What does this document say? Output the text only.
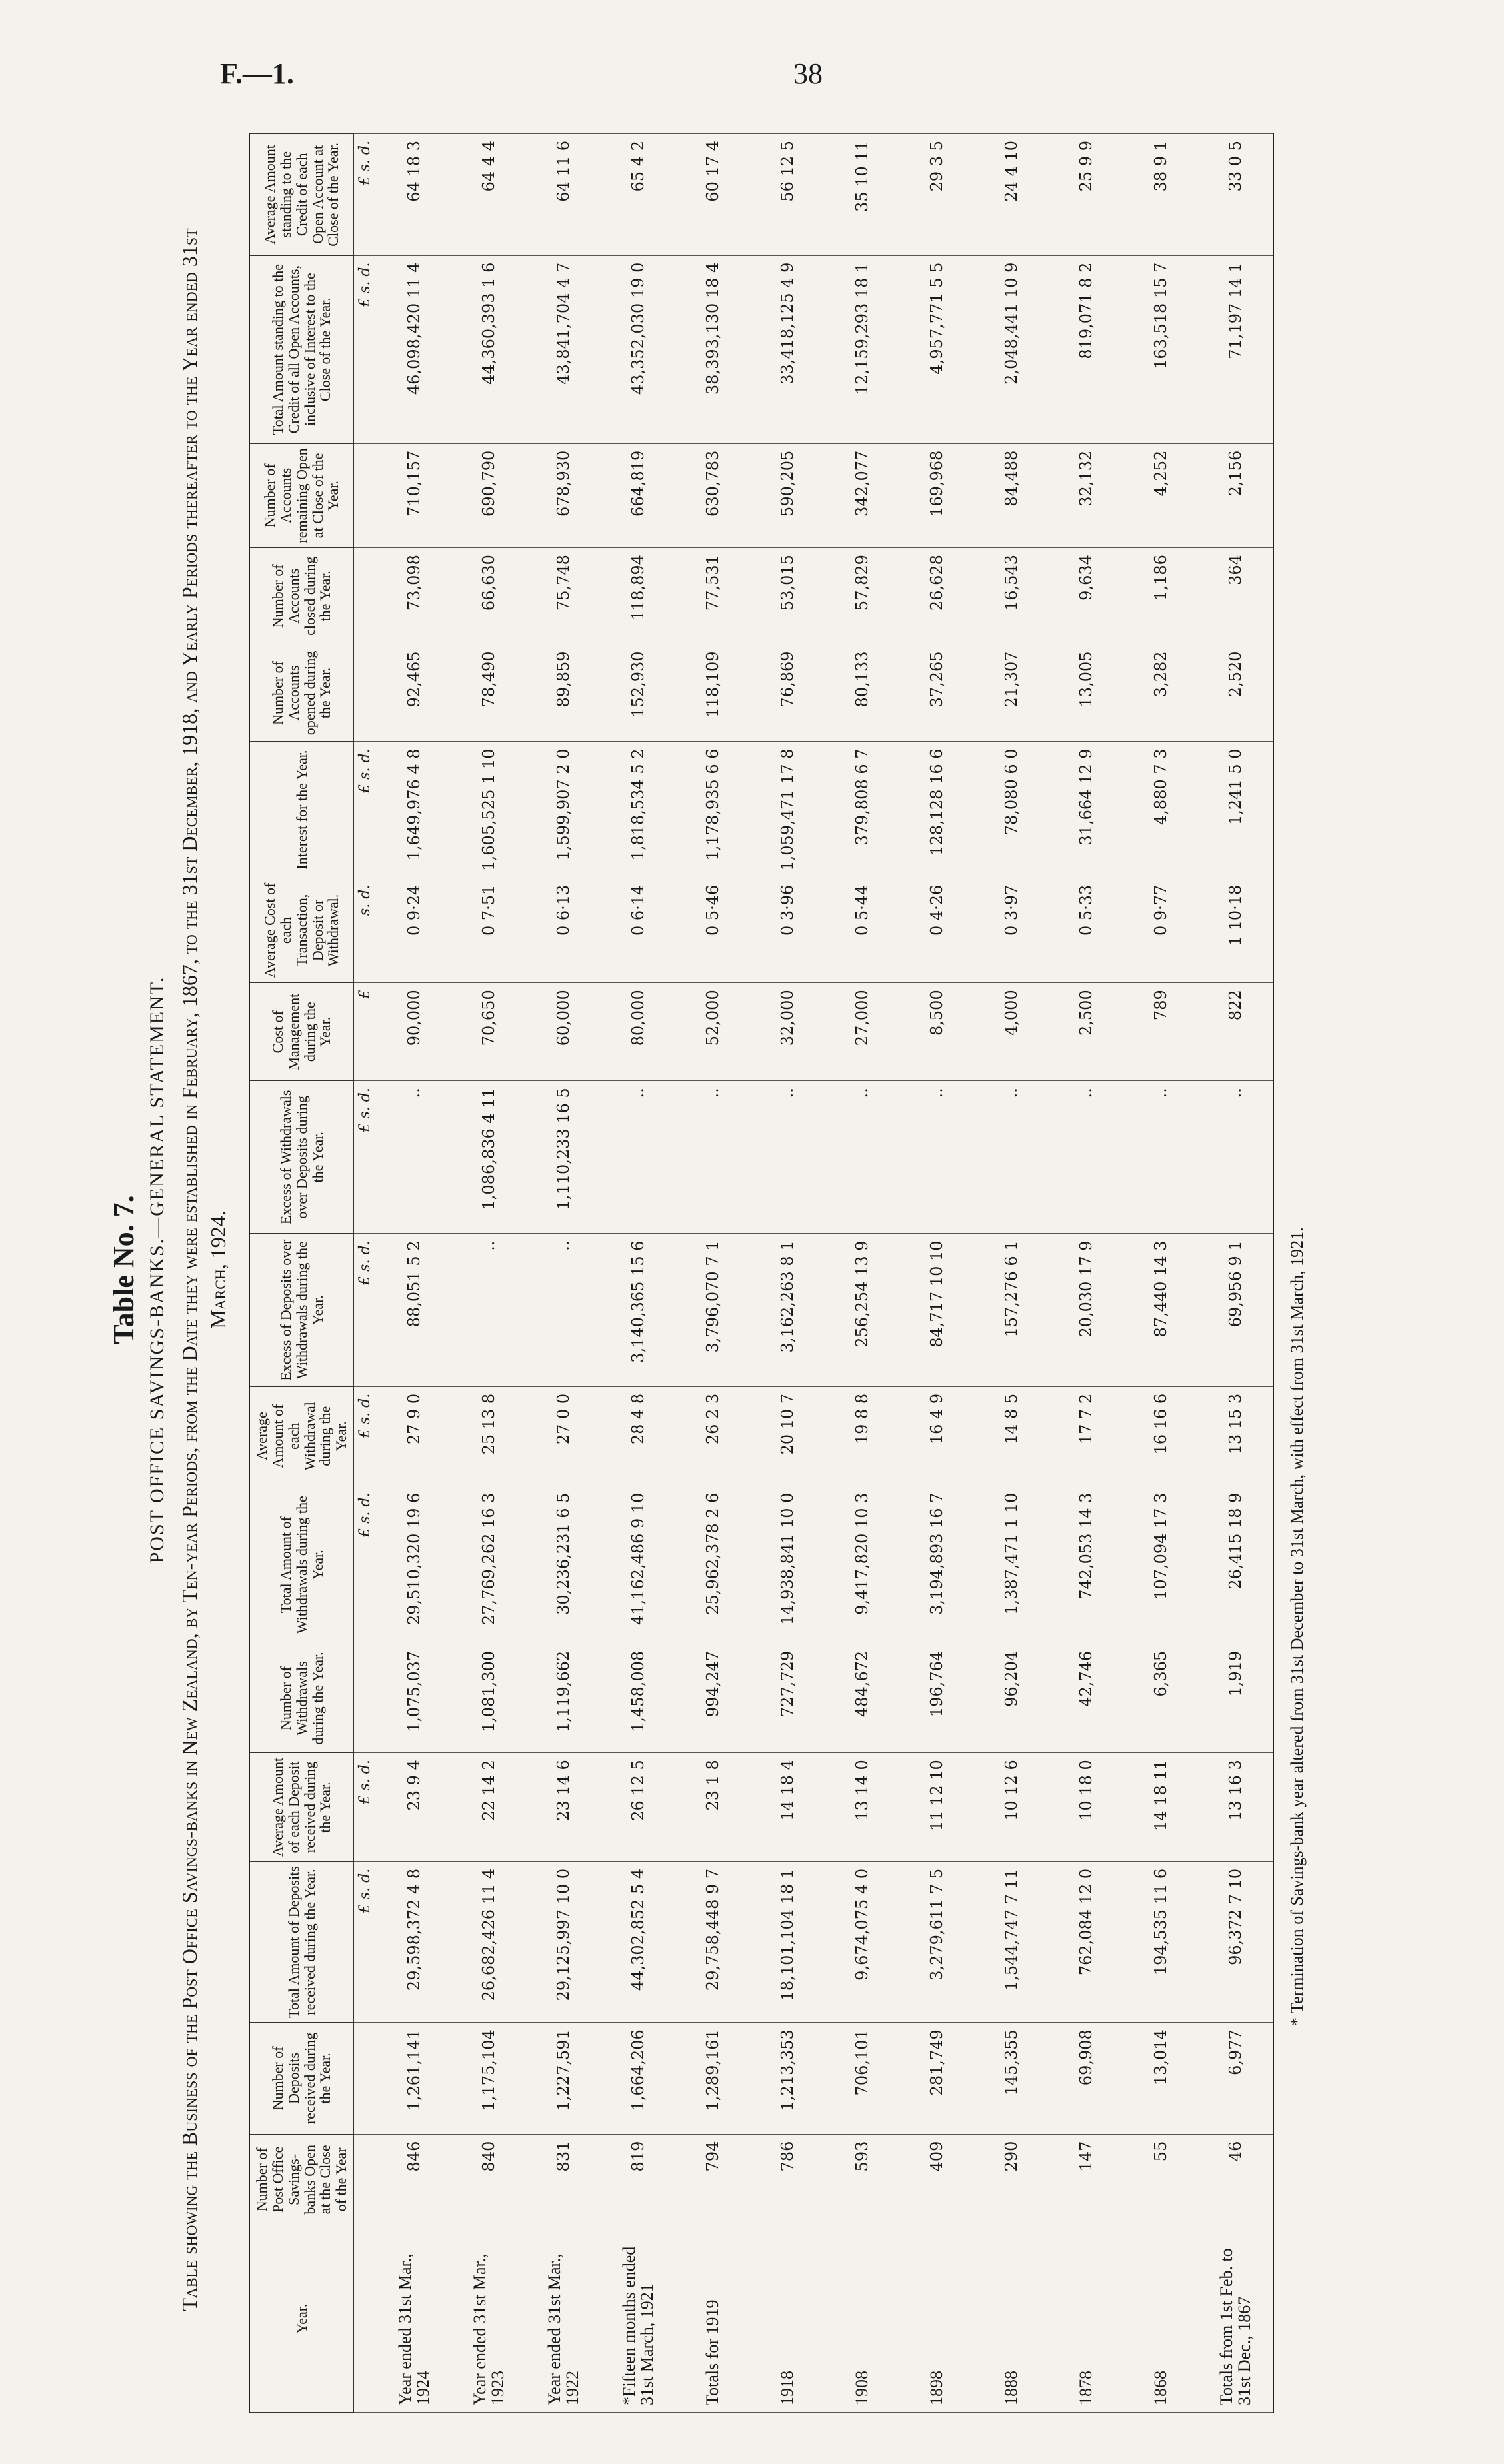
F.—1.	38
Table No. 7. POST OFFICE SAVINGS-BANKS.—GENERAL STATEMENT. Table showing the Business of the Post Office Savings-banks in New Zealand, by Ten-year Periods, from the Date they were established in February, 1867, to the 31st December, 1918, and Yearly Periods thereafter to the Year ended 31st March, 1924.
Year.	Number of Post Office Savings-banks Open at the Close of the Year	Number of Deposits received during the Year.	Total Amount of Deposits received during the Year.	Average Amount of each Deposit received during the Year.	Number of Withdrawals during the Year.	Total Amount of Withdrawals during the Year.	Average Amount of each Withdrawal during the Year.	Excess of Deposits over Withdrawals during the Year.	Excess of Withdrawals over Deposits during the Year.	Cost of Management during the Year.	Average Cost of each Transaction, Deposit or Withdrawal.	Interest for the Year.	Number of Accounts opened during the Year.	Number of Accounts closed during the Year.	Number of Accounts remaining Open at Close of the Year.	Total Amount standing to the Credit of all Open Accounts, inclusive of Interest to the Close of the Year.	Average Amount standing to the Credit of each Open Account at Close of the Year.
			£ s. d.	£ s. d.		£ s. d.	£ s. d.	£ s. d.	£ s. d.	£	s. d.	£ s. d.				£ s. d.	£ s. d.
Year ended 31st Mar., 1924	846	1,261,141	29,598,372 4 8	23 9 4	1,075,037	29,510,320 19 6	27 9 0	88,051 5 2	..	90,000	0 9·24	1,649,976 4 8	92,465	73,098	710,157	46,098,420 11 4	64 18 3
Year ended 31st Mar., 1923	840	1,175,104	26,682,426 11 4	22 14 2	1,081,300	27,769,262 16 3	25 13 8	..	1,086,836 4 11	70,650	0 7·51	1,605,525 1 10	78,490	66,630	690,790	44,360,393 1 6	64 4 4
Year ended 31st Mar., 1922	831	1,227,591	29,125,997 10 0	23 14 6	1,119,662	30,236,231 6 5	27 0 0	..	1,110,233 16 5	60,000	0 6·13	1,599,907 2 0	89,859	75,748	678,930	43,841,704 4 7	64 11 6
*Fifteen months ended 31st March, 1921	819	1,664,206	44,302,852 5 4	26 12 5	1,458,008	41,162,486 9 10	28 4 8	3,140,365 15 6	..	80,000	0 6·14	1,818,534 5 2	152,930	118,894	664,819	43,352,030 19 0	65 4 2
Totals for 1919	794	1,289,161	29,758,448 9 7	23 1 8	994,247	25,962,378 2 6	26 2 3	3,796,070 7 1	..	52,000	0 5·46	1,178,935 6 6	118,109	77,531	630,783	38,393,130 18 4	60 17 4
1918	786	1,213,353	18,101,104 18 1	14 18 4	727,729	14,938,841 10 0	20 10 7	3,162,263 8 1	..	32,000	0 3·96	1,059,471 17 8	76,869	53,015	590,205	33,418,125 4 9	56 12 5
1908	593	706,101	9,674,075 4 0	13 14 0	484,672	9,417,820 10 3	19 8 8	256,254 13 9	..	27,000	0 5·44	379,808 6 7	80,133	57,829	342,077	12,159,293 18 1	35 10 11
1898	409	281,749	3,279,611 7 5	11 12 10	196,764	3,194,893 16 7	16 4 9	84,717 10 10	..	8,500	0 4·26	128,128 16 6	37,265	26,628	169,968	4,957,771 5 5	29 3 5
1888	290	145,355	1,544,747 7 11	10 12 6	96,204	1,387,471 1 10	14 8 5	157,276 6 1	..	4,000	0 3·97	78,080 6 0	21,307	16,543	84,488	2,048,441 10 9	24 4 10
1878	147	69,908	762,084 12 0	10 18 0	42,746	742,053 14 3	17 7 2	20,030 17 9	..	2,500	0 5·33	31,664 12 9	13,005	9,634	32,132	819,071 8 2	25 9 9
1868	55	13,014	194,535 11 6	14 18 11	6,365	107,094 17 3	16 16 6	87,440 14 3	..	789	0 9·77	4,880 7 3	3,282	1,186	4,252	163,518 15 7	38 9 1
Totals from 1st Feb. to 31st Dec., 1867	46	6,977	96,372 7 10	13 16 3	1,919	26,415 18 9	13 15 3	69,956 9 1	..	822	1 10·18	1,241 5 0	2,520	364	2,156	71,197 14 1	33 0 5
* Termination of Savings-bank year altered from 31st December to 31st March, with effect from 31st March, 1921.
